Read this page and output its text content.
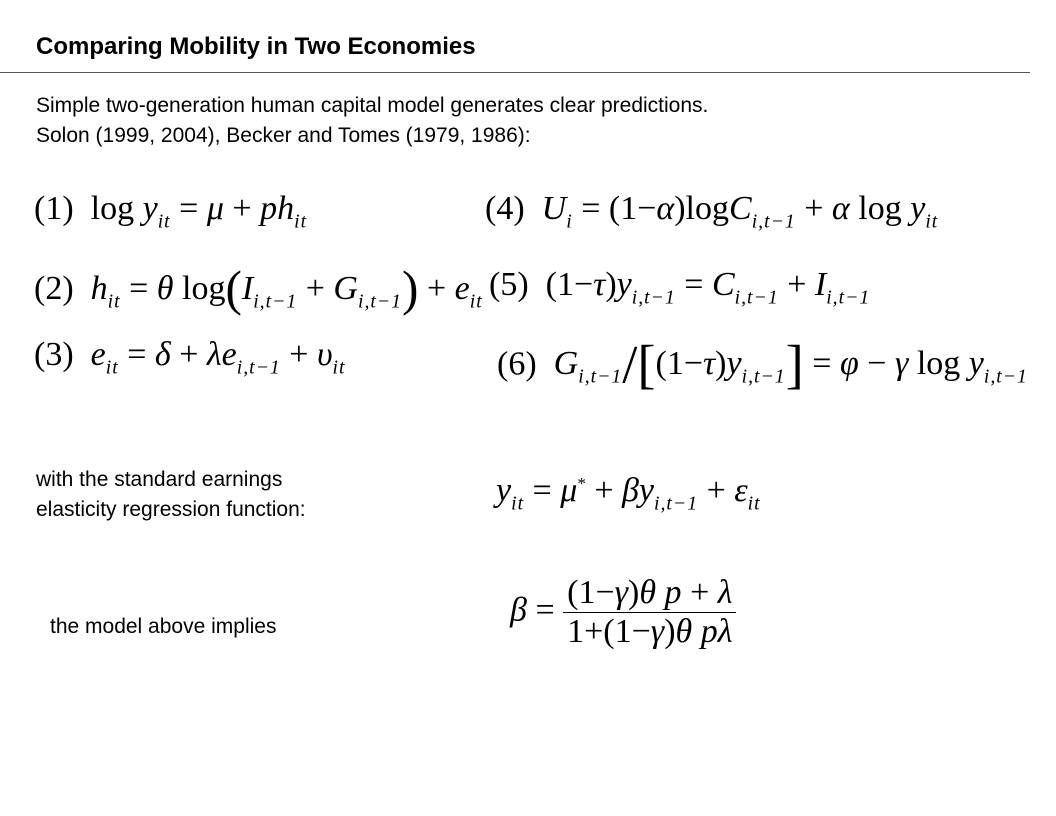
Comparing Mobility in Two Economies
Simple two-generation human capital model generates clear predictions.
Solon (1999, 2004), Becker and Tomes (1979, 1986):
(1) $\log y_{it} = \mu + ph_{it}$	(4) $U_i = (1-\alpha)\log C_{i,t-1} + \alpha$ $\log y_{it}$
(2) $h_{it} = \theta$ $\log(I_{i,t-1} + G_{i,t-1}) + e_{it}$ (5) $(1-\tau)y_{i,t-1} = C_{i,t-1} + I_{i,t-1}$
(3) $e_{it} = \delta + \lambda e_{i,t-1} + \upsilon_{it}$	(6) $G_{i,t-1}/[(1-\tau)y_{i,t-1}] = \varphi - \gamma$ $\log y_{i,t-1}$
with the standard earnings
elasticity regression function:
$y_{it} = \mu^* + \beta y_{i,t-1} + \varepsilon_{it}$
the model above implies	$\beta = \frac{\text{(1−γ)θ p + λ}}{\text{1+(1−γ)θ pλ}}$
